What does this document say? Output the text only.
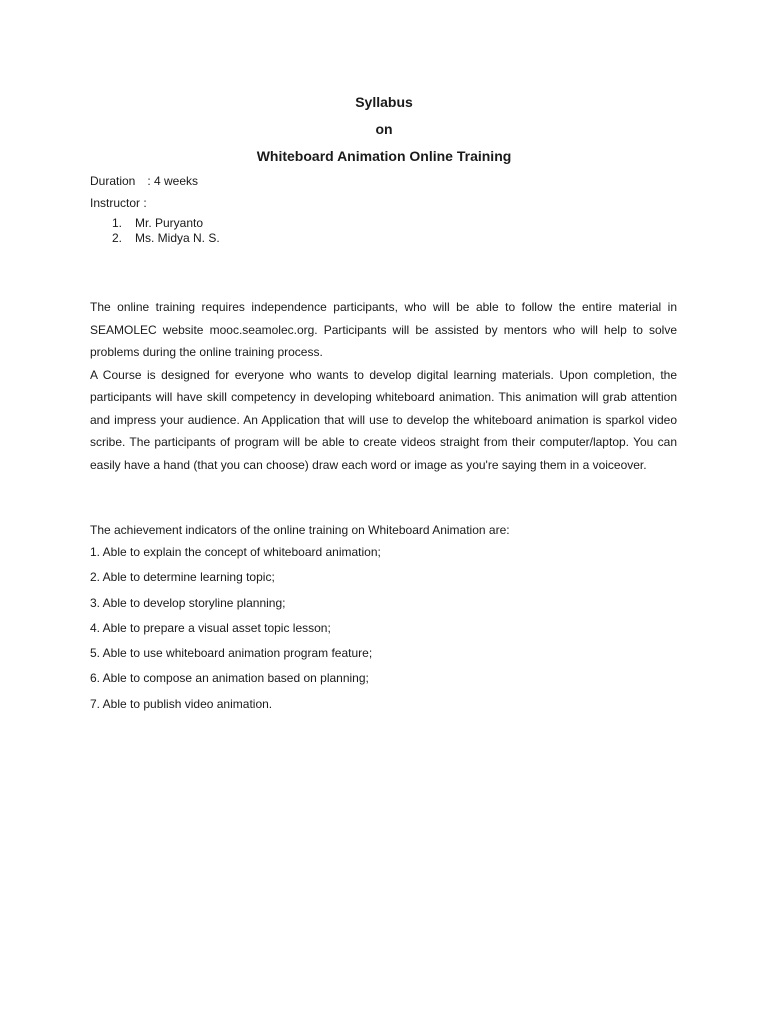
Syllabus
on
Whiteboard Animation Online Training
Duration : 4 weeks
Instructor :
1. Mr. Puryanto
2. Ms. Midya N. S.

The online training requires independence participants, who will be able to follow the entire material in SEAMOLEC website mooc.seamolec.org. Participants will be assisted by mentors who will help to solve problems during the online training process.

A Course is designed for everyone who wants to develop digital learning materials. Upon completion, the participants will have skill competency in developing whiteboard animation. This animation will grab attention and impress your audience. An Application that will use to develop the whiteboard animation is sparkol video scribe. The participants of program will be able to create videos straight from their computer/laptop. You can easily have a hand (that you can choose) draw each word or image as you're saying them in a voiceover.

The achievement indicators of the online training on Whiteboard Animation are:
1. Able to explain the concept of whiteboard animation;
2. Able to determine learning topic;
3. Able to develop storyline planning;
4. Able to prepare a visual asset topic lesson;
5. Able to use whiteboard animation program feature;
6. Able to compose an animation based on planning;
7. Able to publish video animation.
